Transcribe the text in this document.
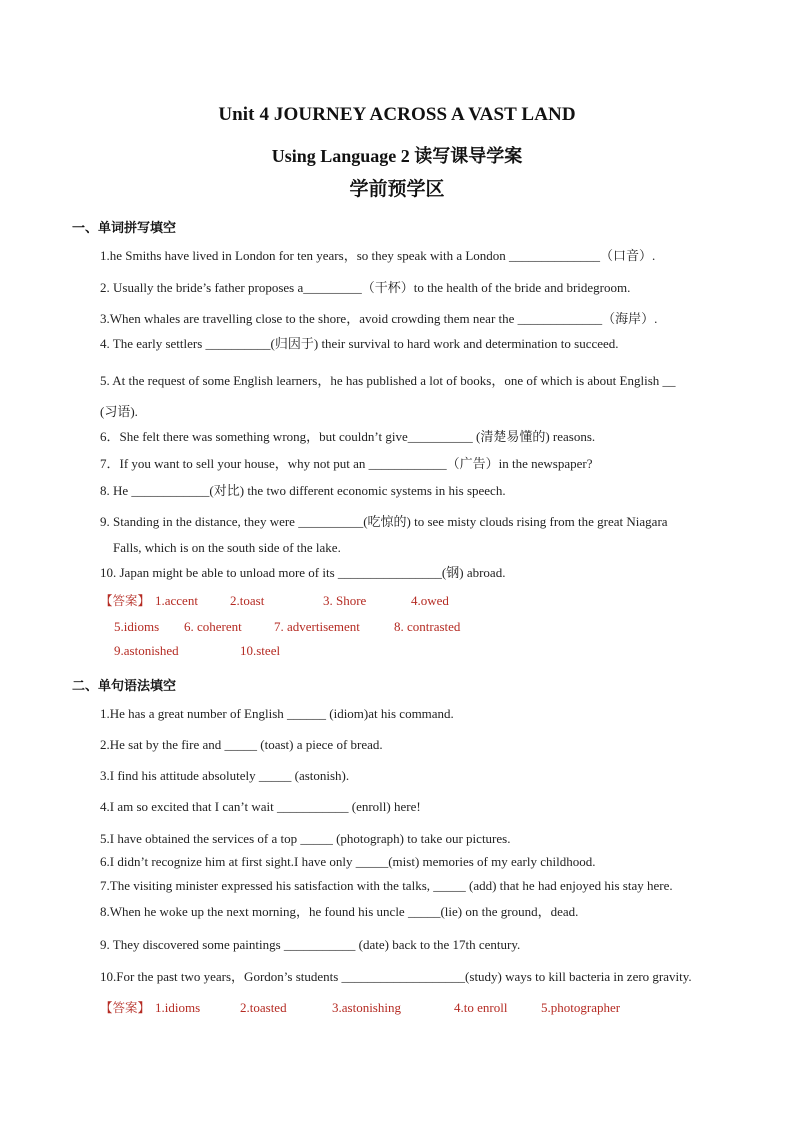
Unit 4 JOURNEY ACROSS A VAST LAND
Using Language 2 读写课导学案
学前预学区
一、单词拼写填空
1.he Smiths have lived in London for ten years，so they speak with a London ______________（口音）.
2. Usually the bride’s father proposes a_________（干杯）to the health of the bride and bridegroom.
3.When whales are travelling close to the shore，avoid crowding them near the _____________（海岸）.
4. The early settlers __________(归因于) their survival to hard work and determination to succeed.
5. At the request of some English learners，he has published a lot of books，one of which is about English __
(习语).
6．She felt there was something wrong，but couldn’t give__________ (清楚易懂的) reasons.
7．If you want to sell your house，why not put an ____________（广告）in the newspaper?
8. He ____________(对比) the two different economic systems in his speech.
9. Standing in the distance, they were __________(吃惊的) to see misty clouds rising from the great Niagara
Falls, which is on the south side of the lake.
10. Japan might be able to unload more of its ________________(钢) abroad.
【答案】 1.accent 2.toast	3. Shore	4.owed
5.idioms 6. coherent 7. advertisement	8. contrasted
9.astonished	10.steel
二、单句语法填空
1.He has a great number of English ______ (idiom)at his command.
2.He sat by the fire and _____ (toast) a piece of bread.
3.I find his attitude absolutely _____ (astonish).
4.I am so excited that I can’t wait ___________ (enroll) here!
5.I have obtained the services of a top _____ (photograph) to take our pictures.
6.I didn’t recognize him at first sight.I have only _____(mist) memories of my early childhood.
7.The visiting minister expressed his satisfaction with the talks, _____ (add) that he had enjoyed his stay here.
8.When he woke up the next morning，he found his uncle _____(lie) on the ground，dead.
9. They discovered some paintings ___________ (date) back to the 17th century.
10.For the past two years，Gordon’s students ___________________(study) ways to kill bacteria in zero gravity.
【答案】 1.idioms	2.toasted	3.astonishing	4.to enroll	5.photographer
